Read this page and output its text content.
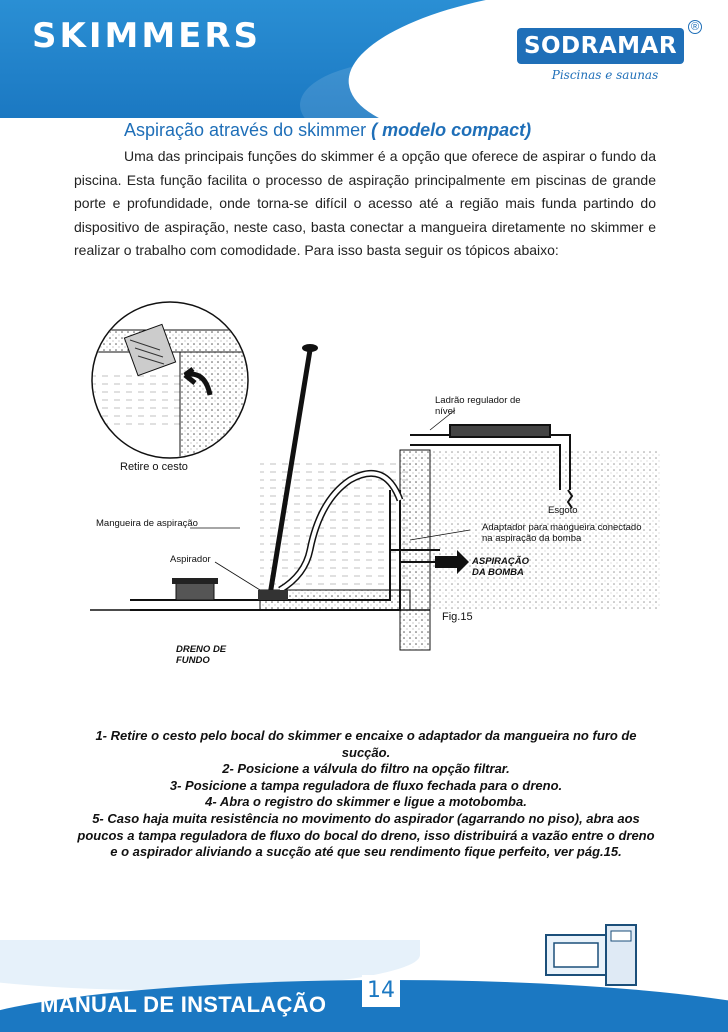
SKIMMERS	SODRAMAR
®
Piscinas e saunas
Aspiração através do skimmer ( modelo compact)

Uma das principais funções do skimmer é a opção que oferece de aspirar o fundo da piscina. Esta função facilita o processo de aspiração principalmente em piscinas de grande porte e profundidade, onde torna-se difícil o acesso até a região mais funda partindo do dispositivo de aspiração, neste caso, basta conectar a mangueira diretamente no skimmer e realizar o trabalho com comodidade. Para isso basta seguir os tópicos abaixo:

Ladrão regulador de nível
Retire o cesto
Esgoto
Mangueira de aspiração	Adaptador para mangueira conectado na aspiração da bomba
Aspirador	ASPIRAÇÃO DA BOMBA
Fig.15
DRENO DE FUNDO

1- Retire o cesto pelo bocal do skimmer e encaixe o adaptador da mangueira no furo de sucção.

2- Posicione a válvula do filtro na opção filtrar.

3- Posicione a tampa reguladora de fluxo fechada para o dreno.

4- Abra o registro do skimmer e ligue a motobomba.

5- Caso haja muita resistência no movimento do aspirador (agarrando no piso), abra aos poucos a tampa reguladora de fluxo do bocal do dreno, isso distribuirá a vazão entre o dreno e o aspirador aliviando a sucção até que seu rendimento fique perfeito, ver pág.15.

MANUAL DE INSTALAÇÃO
14
